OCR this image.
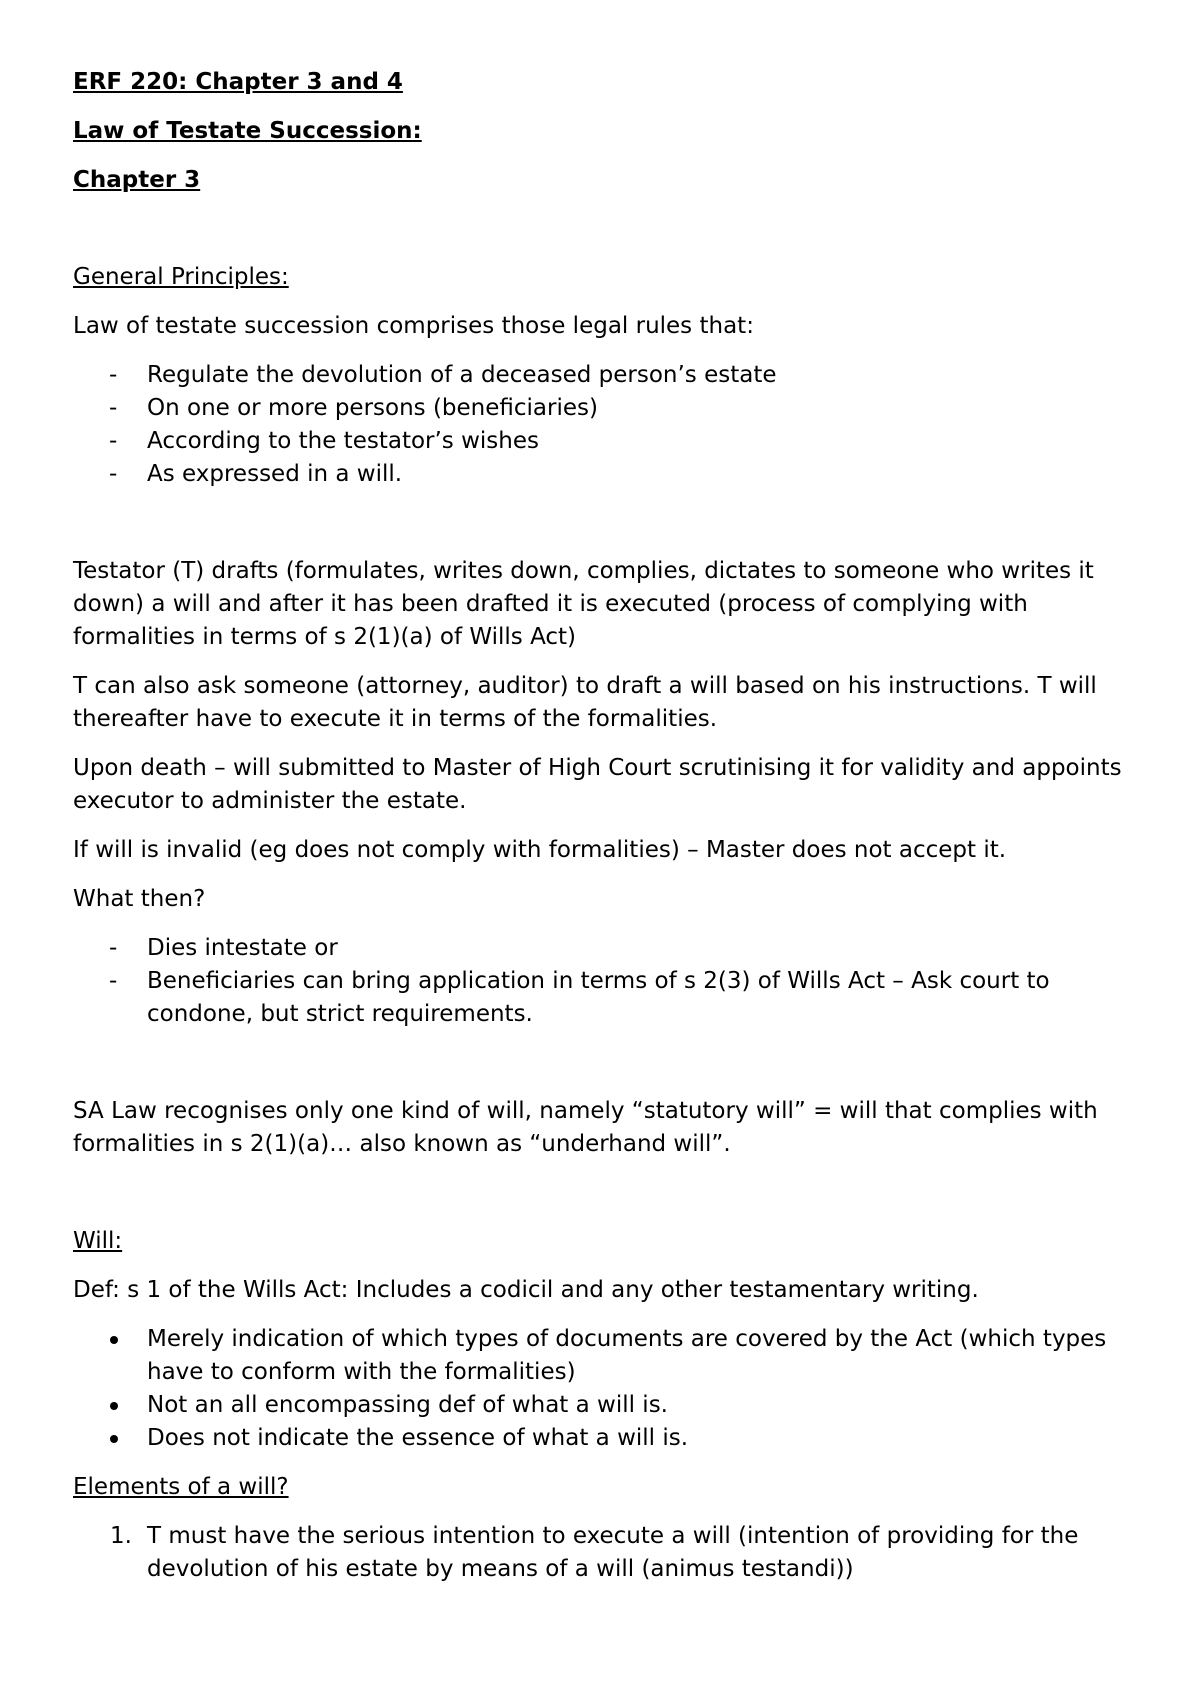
ERF 220: Chapter 3 and 4
Law of Testate Succession:
Chapter 3
General Principles:

Law of testate succession comprises those legal rules that:

- Regulate the devolution of a deceased person’s estate
- On one or more persons (beneficiaries)
- According to the testator’s wishes
- As expressed in a will.

Testator (T) drafts (formulates, writes down, complies, dictates to someone who writes it down) a will and after it has been drafted it is executed (process of complying with formalities in terms of s 2(1)(a) of Wills Act)

T can also ask someone (attorney, auditor) to draft a will based on his instructions. T will thereafter have to execute it in terms of the formalities.

Upon death – will submitted to Master of High Court scrutinising it for validity and appoints executor to administer the estate.

If will is invalid (eg does not comply with formalities) – Master does not accept it.

What then?

- Dies intestate or
- Beneficiaries can bring application in terms of s 2(3) of Wills Act – Ask court to condone, but strict requirements.

SA Law recognises only one kind of will, namely “statutory will” = will that complies with formalities in s 2(1)(a)… also known as “underhand will”.

Will:

Def: s 1 of the Wills Act: Includes a codicil and any other testamentary writing.

Merely indication of which types of documents are covered by the Act (which types have to conform with the formalities)
Not an all encompassing def of what a will is.
Does not indicate the essence of what a will is.
Elements of a will?
1. T must have the serious intention to execute a will (intention of providing for the devolution of his estate by means of a will (animus testandi))
